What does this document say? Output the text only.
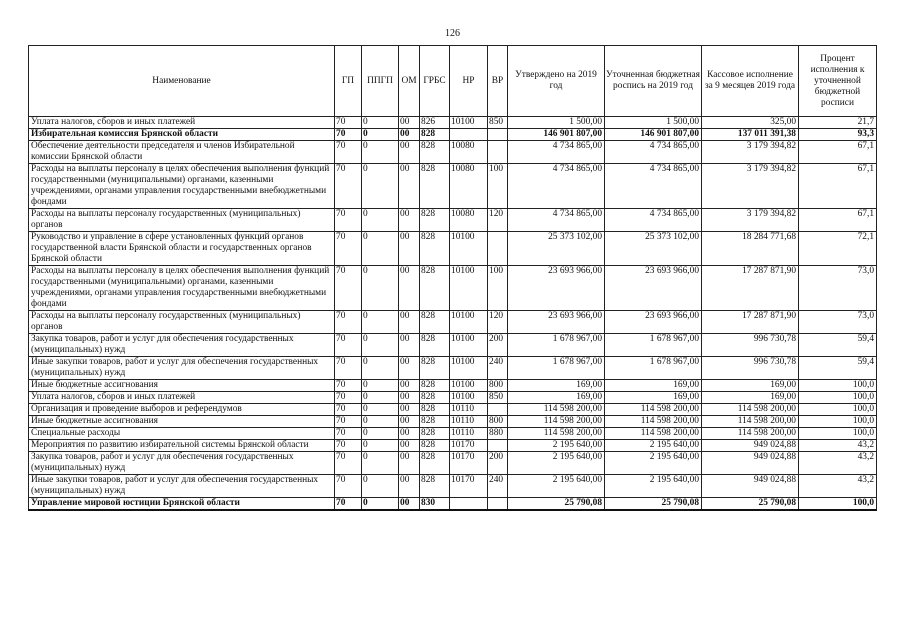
126
Наименование	ГП	ППГП	ОМ	ГРБС	НР	ВР	Утверждено на 2019 год	Уточненная бюджетная роспись на 2019 год	Кассовое исполнение за 9 месяцев 2019 года	Процент исполнения к уточненной бюджетной росписи
Уплата налогов, сборов и иных платежей	70	0	00	826	10100	850	1 500,00	1 500,00	325,00	21,7
Избирательная комиссия Брянской области	70	0	00	828			146 901 807,00	146 901 807,00	137 011 391,38	93,3
Обеспечение деятельности председателя и членов Избирательной комиссии Брянской области	70	0	00	828	10080		4 734 865,00	4 734 865,00	3 179 394,82	67,1
Расходы на выплаты персоналу в целях обеспечения выполнения функций государственными (муниципальными) органами, казенными учреждениями, органами управления государственными внебюджетными фондами	70	0	00	828	10080	100	4 734 865,00	4 734 865,00	3 179 394,82	67,1
Расходы на выплаты персоналу государственных (муниципальных) органов	70	0	00	828	10080	120	4 734 865,00	4 734 865,00	3 179 394,82	67,1
Руководство и управление в сфере установленных функций органов государственной власти Брянской области и государственных органов Брянской области	70	0	00	828	10100		25 373 102,00	25 373 102,00	18 284 771,68	72,1
Расходы на выплаты персоналу в целях обеспечения выполнения функций государственными (муниципальными) органами, казенными учреждениями, органами управления государственными внебюджетными фондами	70	0	00	828	10100	100	23 693 966,00	23 693 966,00	17 287 871,90	73,0
Расходы на выплаты персоналу государственных (муниципальных) органов	70	0	00	828	10100	120	23 693 966,00	23 693 966,00	17 287 871,90	73,0
Закупка товаров, работ и услуг для обеспечения государственных (муниципальных) нужд	70	0	00	828	10100	200	1 678 967,00	1 678 967,00	996 730,78	59,4
Иные закупки товаров, работ и услуг для обеспечения государственных (муниципальных) нужд	70	0	00	828	10100	240	1 678 967,00	1 678 967,00	996 730,78	59,4
Иные бюджетные ассигнования	70	0	00	828	10100	800	169,00	169,00	169,00	100,0
Уплата налогов, сборов и иных платежей	70	0	00	828	10100	850	169,00	169,00	169,00	100,0
Организация и проведение выборов и референдумов	70	0	00	828	10110		114 598 200,00	114 598 200,00	114 598 200,00	100,0
Иные бюджетные ассигнования	70	0	00	828	10110	800	114 598 200,00	114 598 200,00	114 598 200,00	100,0
Специальные расходы	70	0	00	828	10110	880	114 598 200,00	114 598 200,00	114 598 200,00	100,0
Мероприятия по развитию избирательной системы Брянской области	70	0	00	828	10170		2 195 640,00	2 195 640,00	949 024,88	43,2
Закупка товаров, работ и услуг для обеспечения государственных (муниципальных) нужд	70	0	00	828	10170	200	2 195 640,00	2 195 640,00	949 024,88	43,2
Иные закупки товаров, работ и услуг для обеспечения государственных (муниципальных) нужд	70	0	00	828	10170	240	2 195 640,00	2 195 640,00	949 024,88	43,2
Управление мировой юстиции Брянской области	70	0	00	830			25 790,08	25 790,08	25 790,08	100,0
